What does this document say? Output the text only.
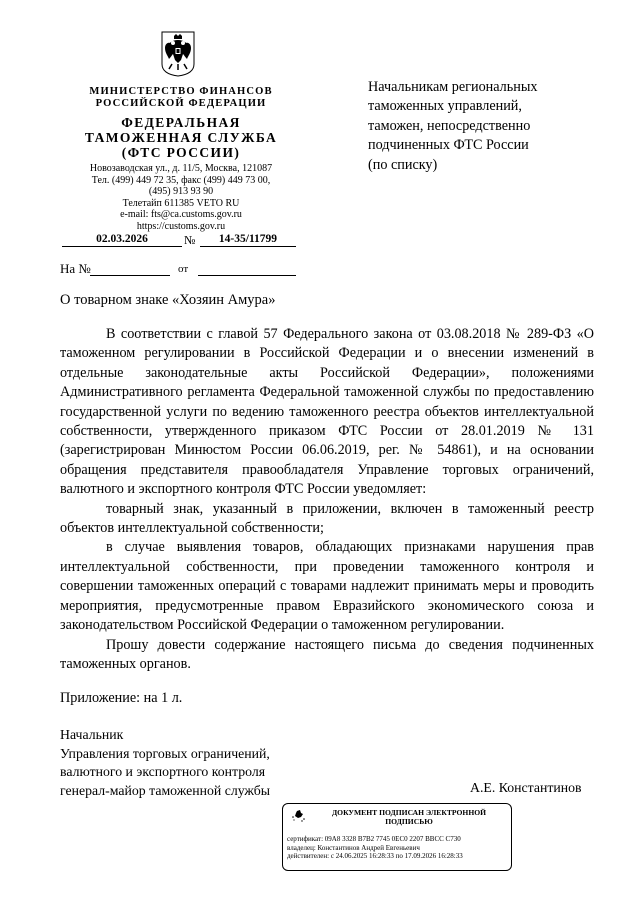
МИНИСТЕРСТВО ФИНАНСОВ
РОССИЙСКОЙ ФЕДЕРАЦИИ
ФЕДЕРАЛЬНАЯ
ТАМОЖЕННАЯ СЛУЖБА
(ФТС РОССИИ)
Новозаводская ул., д. 11/5, Москва, 121087
Тел. (499) 449 72 35, факс (499) 449 73 00,
(495) 913 93 90
Телетайп 611385 VETO RU
e-mail: fts@ca.customs.gov.ru
https://customs.gov.ru
02.03.2026	№	14-35/11799
На №	от
Начальникам региональных
таможенных управлений,
таможен, непосредственно
подчиненных ФТС России
(по списку)
О товарном знаке «Хозяин Амура»

В соответствии с главой 57 Федерального закона от 03.08.2018 № 289-ФЗ «О таможенном регулировании в Российской Федерации и о внесении изменений в отдельные законодательные акты Российской Федерации», положениями Административного регламента Федеральной таможенной службы по предоставлению государственной услуги по ведению таможенного реестра объектов интеллектуальной собственности, утвержденного приказом ФТС России от 28.01.2019 № 131 (зарегистрирован Минюстом России 06.06.2019, рег. № 54861), и на основании обращения представителя правообладателя Управление торговых ограничений, валютного и экспортного контроля ФТС России уведомляет:

товарный знак, указанный в приложении, включен в таможенный реестр объектов интеллектуальной собственности;

в случае выявления товаров, обладающих признаками нарушения прав интеллектуальной собственности, при проведении таможенного контроля и совершении таможенных операций с товарами надлежит принимать меры и проводить мероприятия, предусмотренные правом Евразийского экономического союза и законодательством Российской Федерации о таможенном регулировании.

Прошу довести содержание настоящего письма до сведения подчиненных таможенных органов.

Приложение: на 1 л.
Начальник
Управления торговых ограничений,
валютного и экспортного контроля
генерал-майор таможенной службы	А.Е. Константинов
ДОКУМЕНТ ПОДПИСАН ЭЛЕКТРОННОЙ
ПОДПИСЬЮ
сертификат: 09A8 3328 B7B2 7745 0EC0 2207 BBCC C730
владелец: Константинов Андрей Евгеньевич
действителен: с 24.06.2025 16:28:33 по 17.09.2026 16:28:33
